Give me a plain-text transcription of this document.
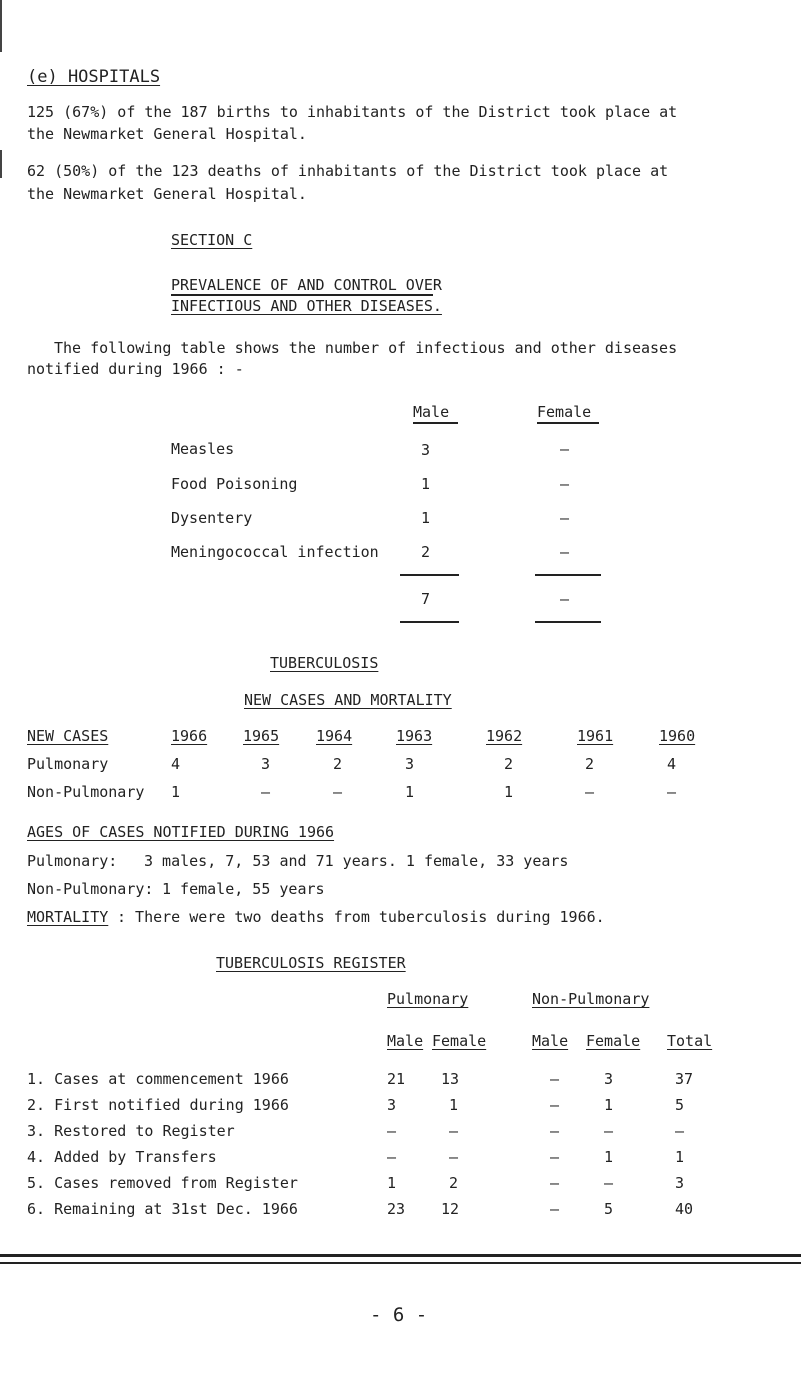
(e) HOSPITALS
125 (67%) of the 187 births to inhabitants of the District took place at
the Newmarket General Hospital.
62 (50%) of the 123 deaths of inhabitants of the District took place at
the Newmarket General Hospital.
SECTION C
PREVALENCE OF AND CONTROL OVER
INFECTIOUS AND OTHER DISEASES.
The following table shows the number of infectious and other diseases
notified during 1966 : -
Male	Female
Measles	3	—
Food Poisoning	1	—
Dysentery	1	—
Meningococcal infection	2	—
7	—
TUBERCULOSIS
NEW CASES AND MORTALITY
NEW CASES	1966 1965 1964	1963	1962	1961	1960
Pulmonary	4	3	2	3	2	2	4
Non-Pulmonary 1	—	—	1	1	—	—
AGES OF CASES NOTIFIED DURING 1966
Pulmonary: 3 males, 7, 53 and 71 years. 1 female, 33 years
Non-Pulmonary: 1 female, 55 years
MORTALITY : There were two deaths from tuberculosis during 1966.
TUBERCULOSIS REGISTER
Pulmonary	Non-Pulmonary
Male Female	Male Female Total
1. Cases at commencement 1966	21 13	—	3	37
2. First notified during 1966	3	1	—	1	5
3. Restored to Register	—	—	—	—	—
4. Added by Transfers	—	—	—	1	1
5. Cases removed from Register	1	2	—	—	3
6. Remaining at 31st Dec. 1966	23 12	—	5	40
- 6 -
